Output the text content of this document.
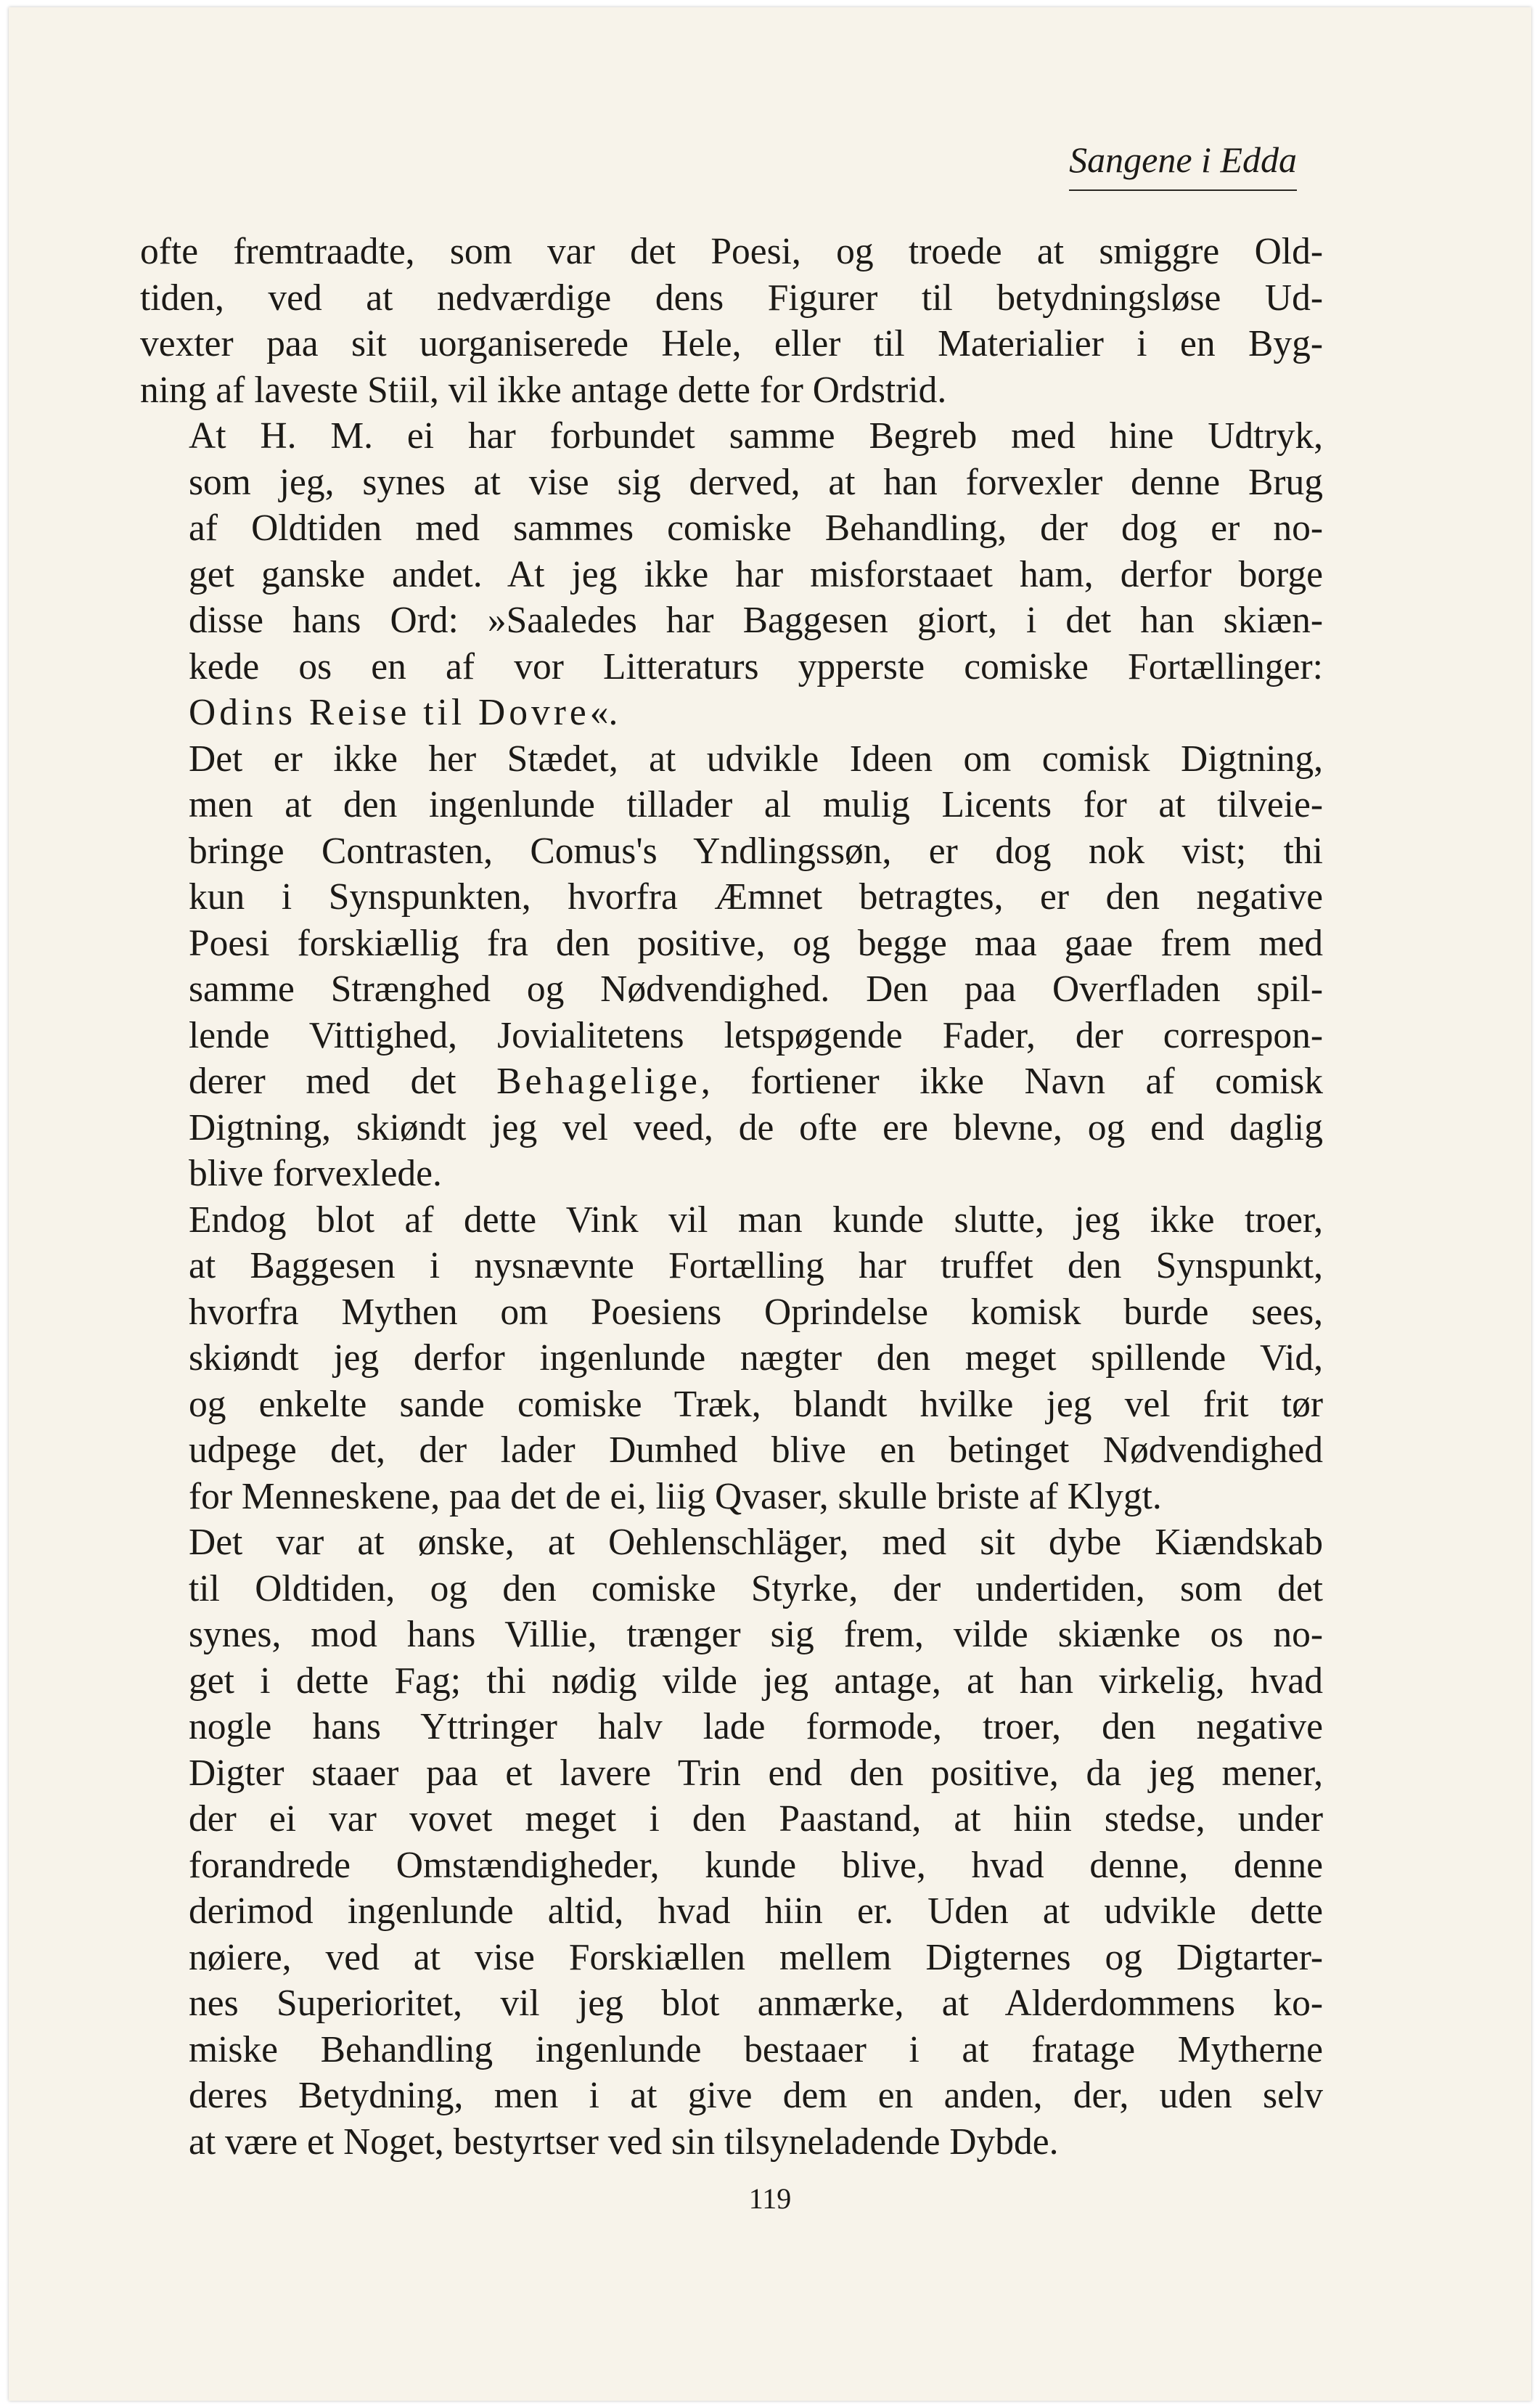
Sangene i Edda

ofte fremtraadte, som var det Poesi, og troede at smiggre Old-
tiden, ved at nedværdige dens Figurer til betydningsløse Ud-
vexter paa sit uorganiserede Hele, eller til Materialier i en Byg-
ning af laveste Stiil, vil ikke antage dette for Ordstrid.

At H. M. ei har forbundet samme Begreb med hine Udtryk,
som jeg, synes at vise sig derved, at han forvexler denne Brug
af Oldtiden med sammes comiske Behandling, der dog er no-
get ganske andet. At jeg ikke har misforstaaet ham, derfor borge
disse hans Ord: »Saaledes har Baggesen giort, i det han skiæn-
kede os en af vor Litteraturs ypperste comiske Fortællinger:
Odins Reise til Dovre«.

Det er ikke her Stædet, at udvikle Ideen om comisk Digtning,
men at den ingenlunde tillader al mulig Licents for at tilveie-
bringe Contrasten, Comus's Yndlingssøn, er dog nok vist; thi
kun i Synspunkten, hvorfra Æmnet betragtes, er den negative
Poesi forskiællig fra den positive, og begge maa gaae frem med
samme Strænghed og Nødvendighed. Den paa Overfladen spil-
lende Vittighed, Jovialitetens letspøgende Fader, der correspon-
derer med det Behagelige, fortiener ikke Navn af comisk
Digtning, skiøndt jeg vel veed, de ofte ere blevne, og end daglig
blive forvexlede.

Endog blot af dette Vink vil man kunde slutte, jeg ikke troer,
at Baggesen i nysnævnte Fortælling har truffet den Synspunkt,
hvorfra Mythen om Poesiens Oprindelse komisk burde sees,
skiøndt jeg derfor ingenlunde nægter den meget spillende Vid,
og enkelte sande comiske Træk, blandt hvilke jeg vel frit tør
udpege det, der lader Dumhed blive en betinget Nødvendighed
for Menneskene, paa det de ei, liig Qvaser, skulle briste af Klygt.

Det var at ønske, at Oehlenschläger, med sit dybe Kiændskab
til Oldtiden, og den comiske Styrke, der undertiden, som det
synes, mod hans Villie, trænger sig frem, vilde skiænke os no-
get i dette Fag; thi nødig vilde jeg antage, at han virkelig, hvad
nogle hans Yttringer halv lade formode, troer, den negative
Digter staaer paa et lavere Trin end den positive, da jeg mener,
der ei var vovet meget i den Paastand, at hiin stedse, under
forandrede Omstændigheder, kunde blive, hvad denne, denne
derimod ingenlunde altid, hvad hiin er. Uden at udvikle dette
nøiere, ved at vise Forskiællen mellem Digternes og Digtarter-
nes Superioritet, vil jeg blot anmærke, at Alderdommens ko-
miske Behandling ingenlunde bestaaer i at fratage Mytherne
deres Betydning, men i at give dem en anden, der, uden selv
at være et Noget, bestyrtser ved sin tilsyneladende Dybde.

119
